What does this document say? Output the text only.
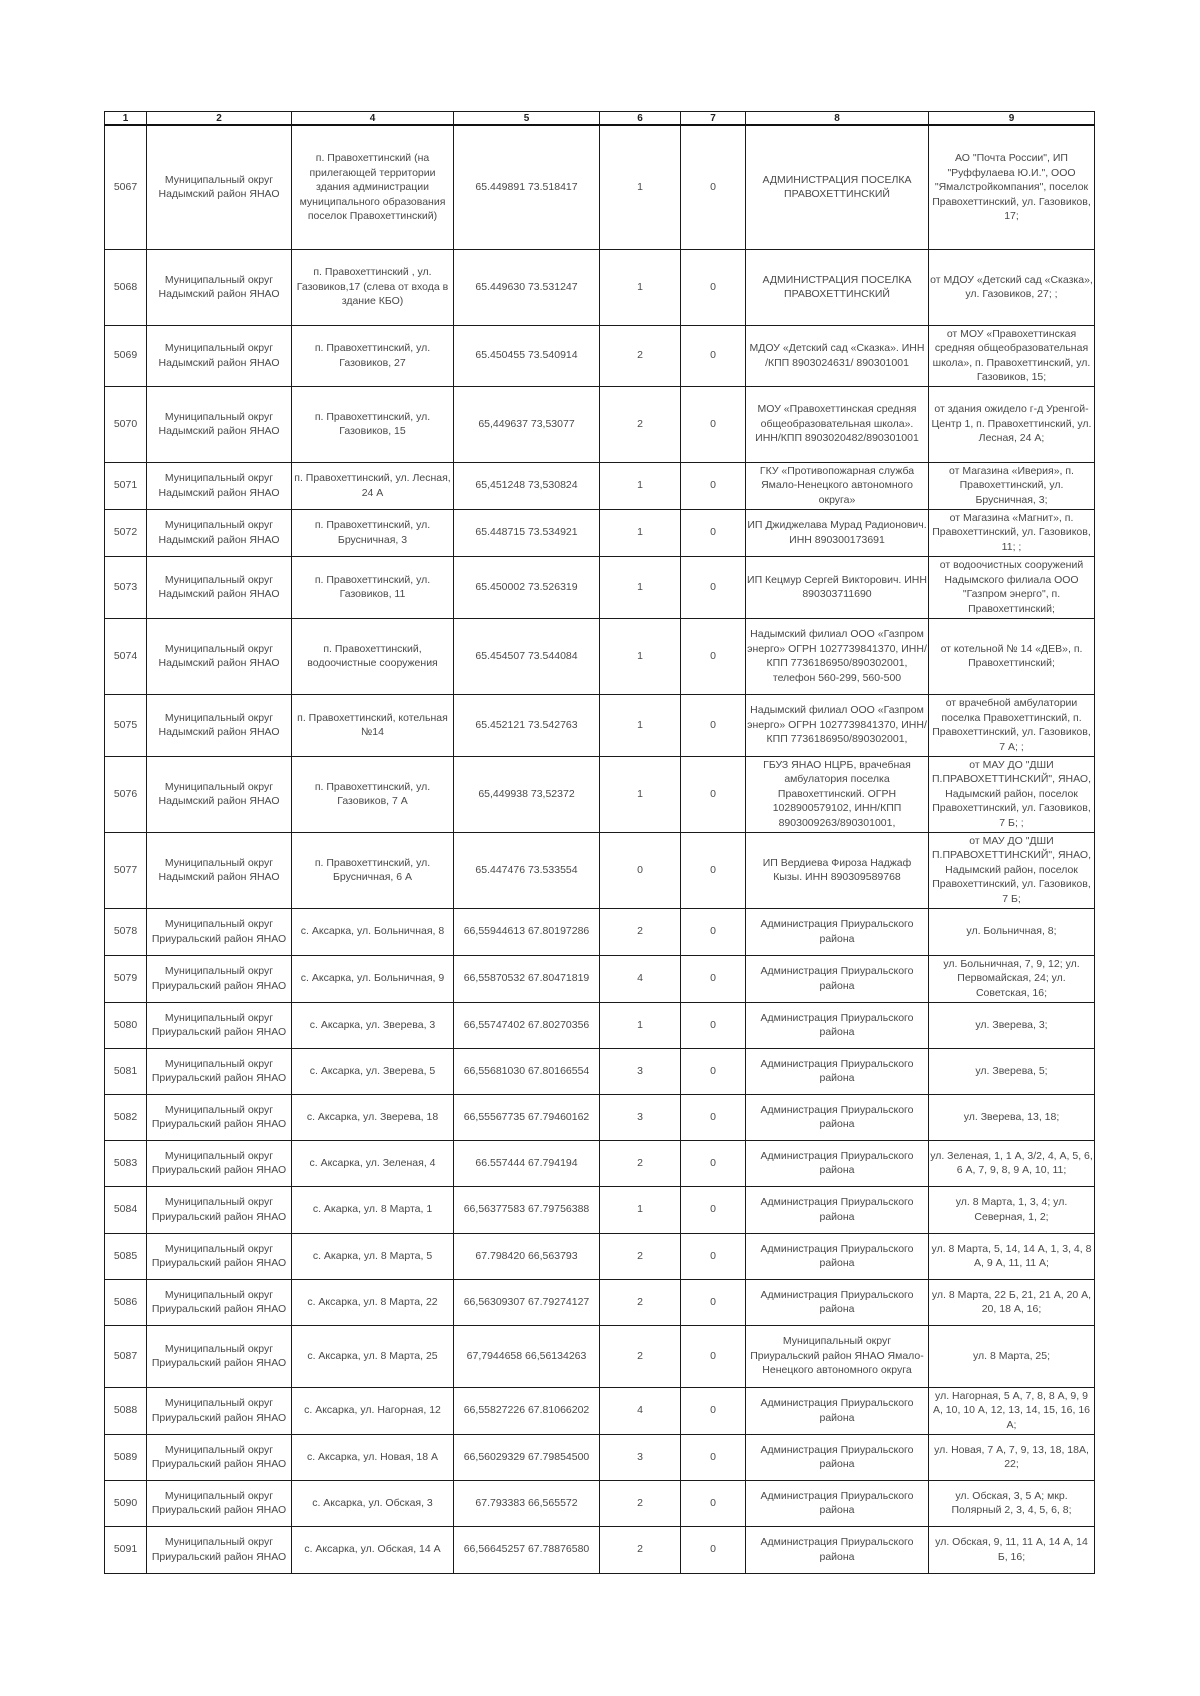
1	2	4	5	6	7	8	9
5067	Муниципальный округ Надымский район ЯНАО	п. Правохеттинский (на прилегающей территории здания администрации муниципального образования поселок Правохеттинский)	65.449891 73.518417	1	0	АДМИНИСТРАЦИЯ ПОСЕЛКА ПРАВОХЕТТИНСКИЙ	АО "Почта России", ИП "Руффулаева Ю.И.", ООО "Ямалстройкомпания", поселок Правохеттинский, ул. Газовиков, 17;
5068	Муниципальный округ Надымский район ЯНАО	п. Правохеттинский , ул. Газовиков,17 (слева от входа в здание КБО)	65.449630 73.531247	1	0	АДМИНИСТРАЦИЯ ПОСЕЛКА ПРАВОХЕТТИНСКИЙ	от МДОУ «Детский сад «Сказка», ул. Газовиков, 27; ;
5069	Муниципальный округ Надымский район ЯНАО	п. Правохеттинский, ул. Газовиков, 27	65.450455 73.540914	2	0	МДОУ «Детский сад «Сказка». ИНН /КПП 8903024631/ 890301001	от МОУ «Правохеттинская средняя общеобразовательная школа», п. Правохеттинский, ул. Газовиков, 15;
5070	Муниципальный округ Надымский район ЯНАО	п. Правохеттинский, ул. Газовиков, 15	65,449637 73,53077	2	0	МОУ «Правохеттинская средняя общеобразовательная школа». ИНН/КПП 8903020482/890301001	от здания ожидело г-д Уренгой-Центр 1, п. Правохеттинский, ул. Лесная, 24 А;
5071	Муниципальный округ Надымский район ЯНАО	п. Правохеттинский, ул. Лесная, 24 А	65,451248 73,530824	1	0	ГКУ «Противопожарная служба Ямало-Ненецкого автономного округа»	от Магазина «Иверия», п. Правохеттинский, ул. Брусничная, 3;
5072	Муниципальный округ Надымский район ЯНАО	п. Правохеттинский, ул. Брусничная, 3	65.448715 73.534921	1	0	ИП Джиджелава Мурад Радионович. ИНН 890300173691	от Магазина «Магнит», п. Правохеттинский, ул. Газовиков, 11; ;
5073	Муниципальный округ Надымский район ЯНАО	п. Правохеттинский, ул. Газовиков, 11	65.450002 73.526319	1	0	ИП Кецмур Сергей Викторович. ИНН 890303711690	от водоочистных сооружений Надымского филиала ООО "Газпром энерго", п. Правохеттинский;
5074	Муниципальный округ Надымский район ЯНАО	п. Правохеттинский, водоочистные сооружения	65.454507 73.544084	1	0	Надымский филиал ООО «Газпром энерго» ОГРН 1027739841370, ИНН/КПП 7736186950/890302001, телефон 560-299, 560-500	от котельной № 14 «ДЕВ», п. Правохеттинский;
5075	Муниципальный округ Надымский район ЯНАО	п. Правохеттинский, котельная №14	65.452121 73.542763	1	0	Надымский филиал ООО «Газпром энерго» ОГРН 1027739841370, ИНН/КПП 7736186950/890302001,	от врачебной амбулатории поселка Правохеттинский, п. Правохеттинский, ул. Газовиков, 7 А; ;
5076	Муниципальный округ Надымский район ЯНАО	п. Правохеттинский, ул. Газовиков, 7 А	65,449938 73,52372	1	0	ГБУЗ ЯНАО НЦРБ, врачебная амбулатория поселка Правохеттинский. ОГРН 1028900579102, ИНН/КПП 8903009263/890301001,	от МАУ ДО "ДШИ П.ПРАВОХЕТТИНСКИЙ", ЯНАО, Надымский район, поселок Правохеттинский, ул. Газовиков, 7 Б; ;
5077	Муниципальный округ Надымский район ЯНАО	п. Правохеттинский, ул. Брусничная, 6 А	65.447476 73.533554	0	0	ИП Вердиева Фироза Наджаф Кызы. ИНН 890309589768	от МАУ ДО "ДШИ П.ПРАВОХЕТТИНСКИЙ", ЯНАО, Надымский район, поселок Правохеттинский, ул. Газовиков, 7 Б;
5078	Муниципальный округ Приуральский район ЯНАО	с. Аксарка, ул. Больничная, 8	66,55944613 67.80197286	2	0	Администрация Приуральского района	ул. Больничная, 8;
5079	Муниципальный округ Приуральский район ЯНАО	с. Аксарка, ул. Больничная, 9	66,55870532 67.80471819	4	0	Администрация Приуральского района	ул. Больничная, 7, 9, 12; ул. Первомайская, 24; ул. Советская, 16;
5080	Муниципальный округ Приуральский район ЯНАО	с. Аксарка, ул. Зверева, 3	66,55747402 67.80270356	1	0	Администрация Приуральского района	ул. Зверева, 3;
5081	Муниципальный округ Приуральский район ЯНАО	с. Аксарка, ул. Зверева, 5	66,55681030 67.80166554	3	0	Администрация Приуральского района	ул. Зверева, 5;
5082	Муниципальный округ Приуральский район ЯНАО	с. Аксарка, ул. Зверева, 18	66,55567735 67.79460162	3	0	Администрация Приуральского района	ул. Зверева, 13, 18;
5083	Муниципальный округ Приуральский район ЯНАО	с. Аксарка, ул. Зеленая, 4	66.557444 67.794194	2	0	Администрация Приуральского района	ул. Зеленая, 1, 1 А, 3/2, 4, А, 5, 6, 6 А, 7, 9, 8, 9 А, 10, 11;
5084	Муниципальный округ Приуральский район ЯНАО	с. Акарка, ул. 8 Марта, 1	66,56377583 67.79756388	1	0	Администрация Приуральского района	ул. 8 Марта, 1, 3, 4; ул. Северная, 1, 2;
5085	Муниципальный округ Приуральский район ЯНАО	с. Акарка, ул. 8 Марта, 5	67.798420 66,563793	2	0	Администрация Приуральского района	ул. 8 Марта, 5, 14, 14 А, 1, 3, 4, 8 А, 9 А, 11, 11 А;
5086	Муниципальный округ Приуральский район ЯНАО	с. Аксарка, ул. 8 Марта, 22	66,56309307 67.79274127	2	0	Администрация Приуральского района	ул. 8 Марта, 22 Б, 21, 21 А, 20 А, 20, 18 А, 16;
5087	Муниципальный округ Приуральский район ЯНАО	с. Аксарка, ул. 8 Марта, 25	67,7944658 66,56134263	2	0	Муниципальный округ Приуральский район ЯНАО Ямало-Ненецкого автономного округа	ул. 8 Марта, 25;
5088	Муниципальный округ Приуральский район ЯНАО	с. Аксарка, ул. Нагорная, 12	66,55827226 67.81066202	4	0	Администрация Приуральского района	ул. Нагорная, 5 А, 7, 8, 8 А, 9, 9 А, 10, 10 А, 12, 13, 14, 15, 16, 16 А;
5089	Муниципальный округ Приуральский район ЯНАО	с. Аксарка, ул. Новая, 18 А	66,56029329 67.79854500	3	0	Администрация Приуральского района	ул. Новая, 7 А, 7, 9, 13, 18, 18А, 22;
5090	Муниципальный округ Приуральский район ЯНАО	с. Аксарка, ул. Обская, 3	67.793383 66,565572	2	0	Администрация Приуральского района	ул. Обская, 3, 5 А; мкр. Полярный 2, 3, 4, 5, 6, 8;
5091	Муниципальный округ Приуральский район ЯНАО	с. Аксарка, ул. Обская, 14 А	66,56645257 67.78876580	2	0	Администрация Приуральского района	ул. Обская, 9, 11, 11 А, 14 А, 14 Б, 16;
